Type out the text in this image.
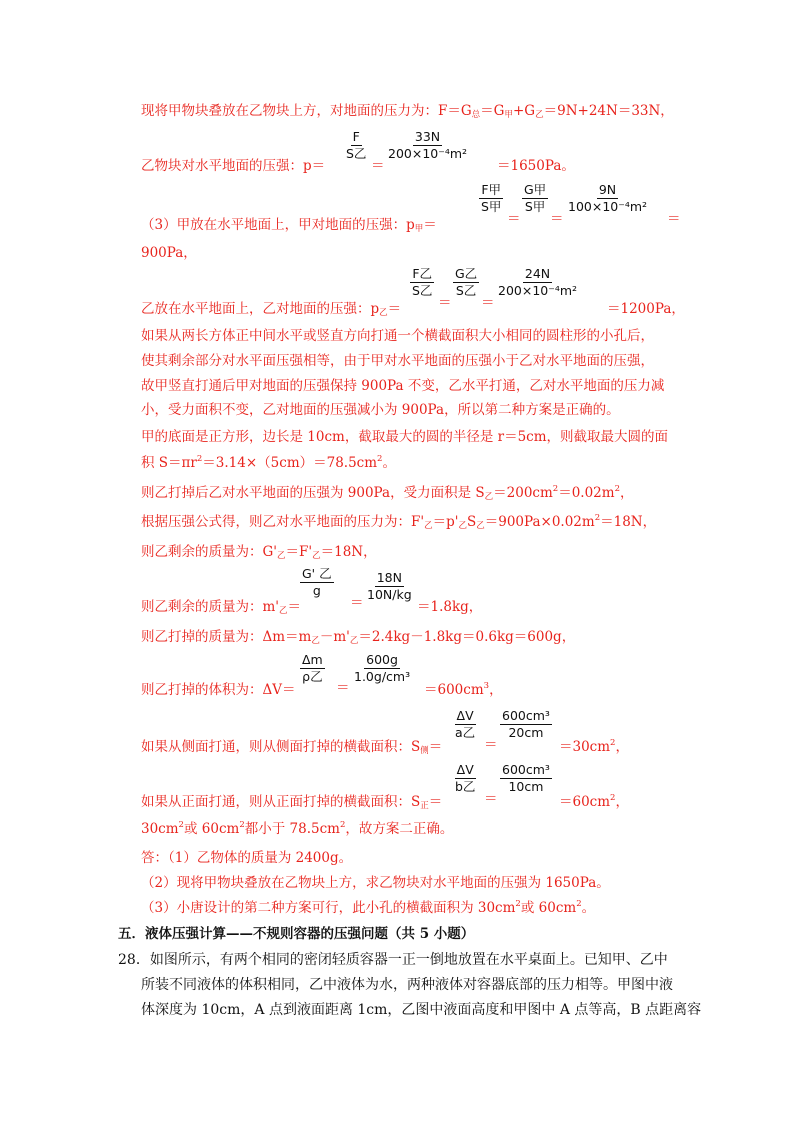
现将甲物块叠放在乙物块上方，对地面的压力为：$F=G_总=G_甲+G_乙=9N+24N=33N$，
乙物块对水平地面的压强：p＝
F
S乙
＝
$\frac{33N}{\text{200×10⁻⁴m²}}$
＝1650Pa。
（3）甲放在水平地面上，甲对地面的压强：$p_甲=$
F甲
S甲
＝
G甲
S甲
＝
$\frac{9N}{\text{100×10⁻⁴m²}}$
＝
900Pa，
乙放在水平地面上，乙对地面的压强：$p_乙=$
F乙
S乙
＝
G乙
S乙
＝
$\frac{24N}{\text{200×10⁻⁴m²}}$
＝1200Pa，
如果从两长方体正中间水平或竖直方向打通一个横截面积大小相同的圆柱形的小孔后，
使其剩余部分对水平面压强相等，由于甲对水平地面的压强小于乙对水平地面的压强，
故甲竖直打通后甲对地面的压强保持 900Pa 不变，乙水平打通，乙对水平地面的压力减
小，受力面积不变，乙对地面的压强减小为 900Pa，所以第二种方案是正确的。
甲的底面是正方形，边长是 10cm，截取最大的圆的半径是 r＝5cm，则截取最大圆的面
积 $S=\pi r^2=3.14\times(5cm)=78.5cm^2$。
则乙打掉后乙对水平地面的压强为 900Pa，受力面积是 $S_乙=200cm^2=0.02m^2$，
根据压强公式得，则乙对水平地面的压力为：$F'_乙=p'_乙S_乙=900Pa\times 0.02m^2=18N$，
则乙剩余的质量为：$G'_乙=F'_乙=18N$，
则乙剩余的质量为：$m'_乙=$
G' 乙
g
＝ $\frac{18N}{10N/kg}$
＝1.8kg，
则乙打掉的质量为：$\Delta m=m_乙-m'_乙=2.4kg-1.8kg=0.6kg=600g$，
则乙打掉的体积为：ΔV＝
Δm
ρ乙
＝
$\frac{600g}{\text{1.0g/cm³}}$
$=600cm^3$，
如果从侧面打通，则从侧面打掉的横截面积：$S_侧=$
ΔV
a乙
＝
$\frac{\text{600cm³}}{20cm}$
$=30cm^2$，
如果从正面打通，则从正面打掉的横截面积：$S_正=$
ΔV
b乙
＝
$\frac{\text{600cm³}}{10cm}$
$=60cm^2$，
$30cm^2$或 $60cm^2$都小于 $78.5cm^2$，故方案二正确。
答：（1）乙物体的质量为 2400g。
（2）现将甲物块叠放在乙物块上方，求乙物块对水平地面的压强为 1650Pa。
（3）小唐设计的第二种方案可行，此小孔的横截面积为 $30cm^2$或 $60cm^2$。
五．液体压强计算——不规则容器的压强问题（共 5 小题）
28．如图所示，有两个相同的密闭轻质容器一正一倒地放置在水平桌面上。已知甲、乙中
所装不同液体的体积相同，乙中液体为水，两种液体对容器底部的压力相等。甲图中液
体深度为 10cm，A 点到液面距离 1cm，乙图中液面高度和甲图中 A 点等高，B 点距离容
